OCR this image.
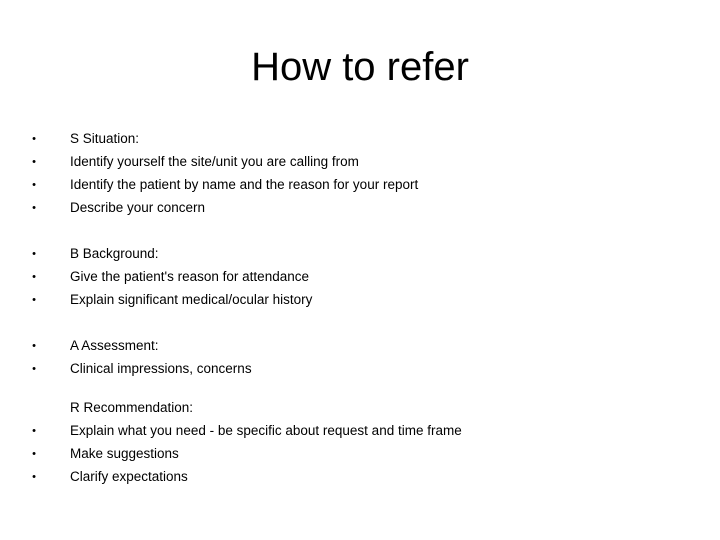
How to refer
•	S Situation:
•	Identify yourself the site/unit you are calling from
•	Identify the patient by name and the reason for your report
•	Describe your concern
•	B Background:
•	Give the patient's reason for attendance
•	Explain significant medical/ocular history
•	A Assessment:
•	Clinical impressions, concerns
R Recommendation:
•	Explain what you need - be specific about request and time frame
•	Make suggestions
•	Clarify expectations
